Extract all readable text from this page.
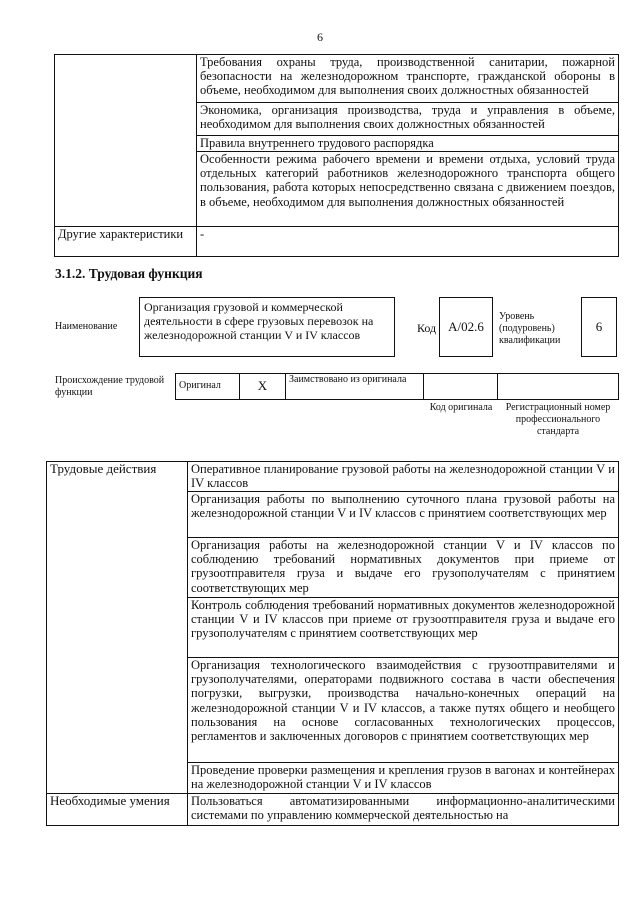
6
	Требования охраны труда, производственной санитарии, пожарной безопасности на железнодорожном транспорте, гражданской обороны в объеме, необходимом для выполнения своих должностных обязанностей
	Экономика, организация производства, труда и управления в объеме, необходимом для выполнения своих должностных обязанностей
	Правила внутреннего трудового распорядка
	Особенности режима рабочего времени и времени отдыха, условий труда отдельных категорий работников железнодорожного транспорта общего пользования, работа которых непосредственно связана с движением поездов, в объеме, необходимом для выполнения должностных обязанностей
Другие характеристики	-
3.1.2. Трудовая функция
Наименование
Организация грузовой и коммерческой деятельности в сфере грузовых перевозок на железнодорожной станции V и IV классов	Код А/02.6
Уровень (подуровень) квалификации
6
Происхождение трудовой функции
Оригинал	X	Заимствовано из оригинала		
Код оригинала	Регистрационный номер профессионального стандарта
Трудовые действия	Оперативное планирование грузовой работы на железнодорожной станции V и IV классов
	Организация работы по выполнению суточного плана грузовой работы на железнодорожной станции V и IV классов с принятием соответствующих мер
	Организация работы на железнодорожной станции V и IV классов по соблюдению требований нормативных документов при приеме от грузоотправителя груза и выдаче его грузополучателям с принятием соответствующих мер
	Контроль соблюдения требований нормативных документов железнодорожной станции V и IV классов при приеме от грузоотправителя груза и выдаче его грузополучателям с принятием соответствующих мер
	Организация технологического взаимодействия с грузоотправителями и грузополучателями, операторами подвижного состава в части обеспечения погрузки, выгрузки, производства начально-конечных операций на железнодорожной станции V и IV классов, а также путях общего и необщего пользования на основе согласованных технологических процессов, регламентов и заключенных договоров с принятием соответствующих мер
	Проведение проверки размещения и крепления грузов в вагонах и контейнерах на железнодорожной станции V и IV классов
Необходимые умения	Пользоваться автоматизированными информационно-аналитическими системами по управлению коммерческой деятельностью на
